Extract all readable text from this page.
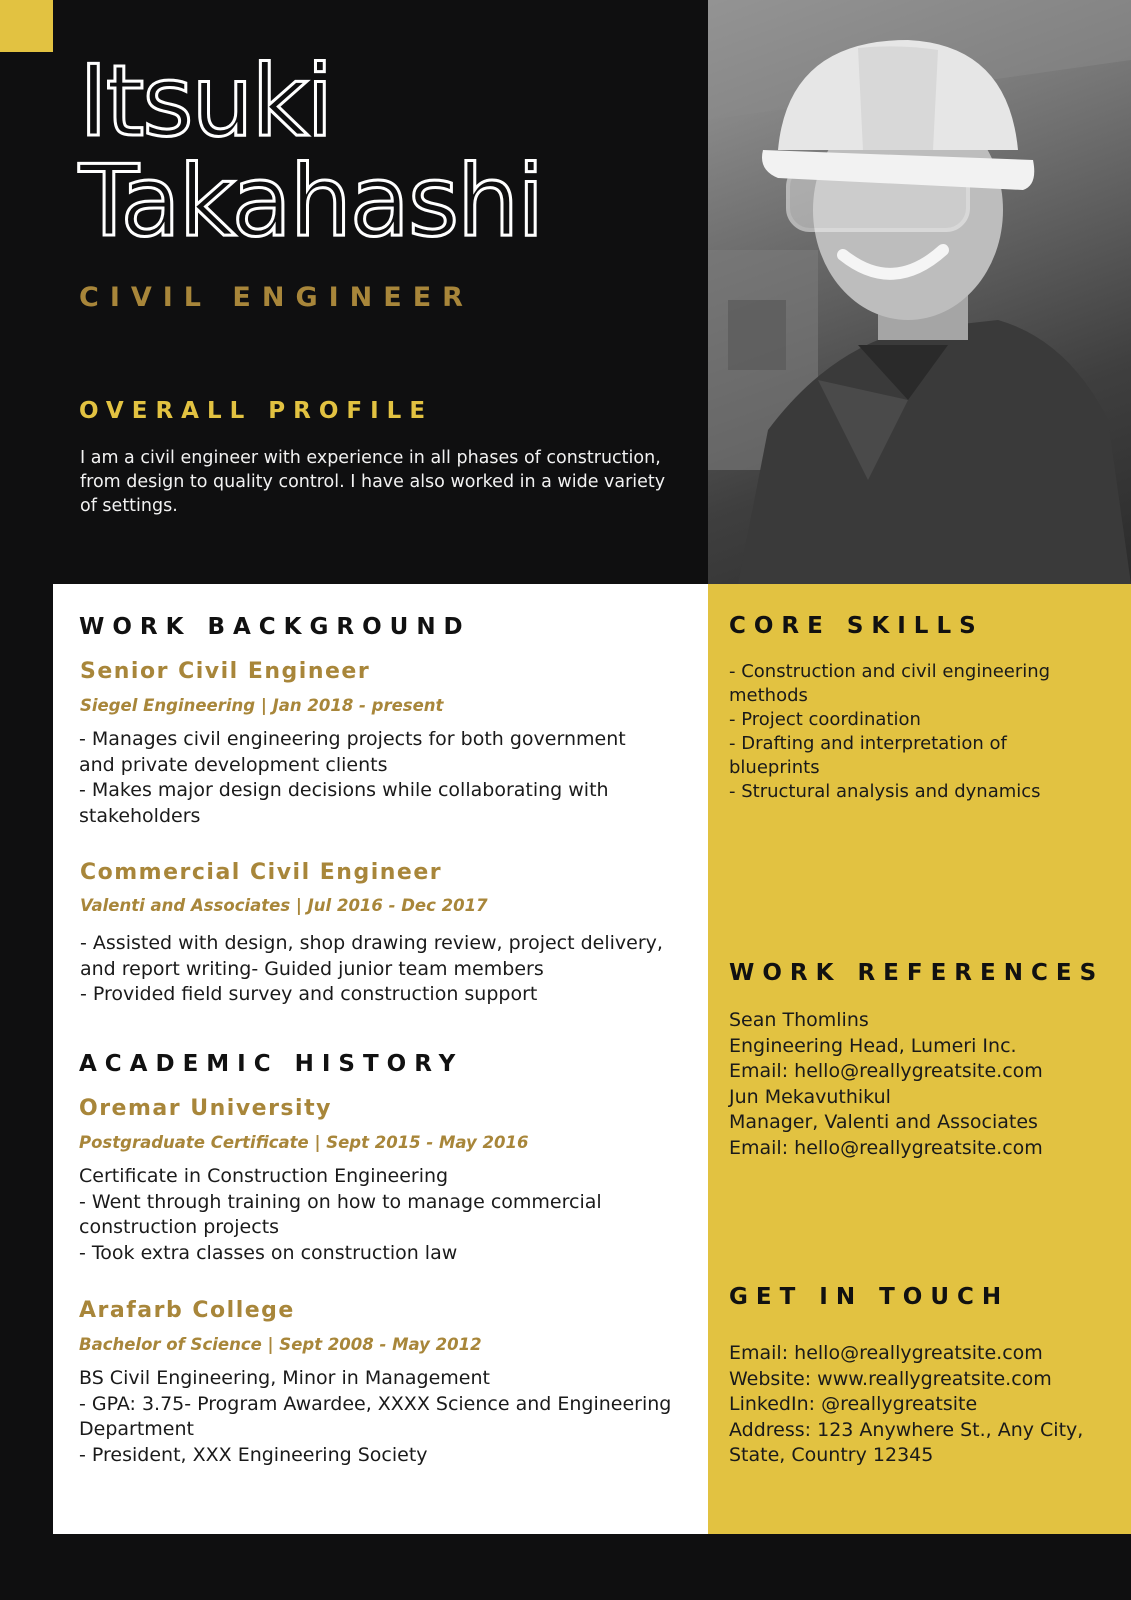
Itsuki
Takahashi

CIVIL ENGINEER

OVERALL PROFILE

I am a civil engineer with experience in all phases of construction,
from design to quality control. I have also worked in a wide variety
of settings.

WORK BACKGROUND

Senior Civil Engineer

Siegel Engineering | Jan 2018 - present

- Manages civil engineering projects for both government
and private development clients
- Makes major design decisions while collaborating with
stakeholders

Commercial Civil Engineer

Valenti and Associates | Jul 2016 - Dec 2017

- Assisted with design, shop drawing review, project delivery,
and report writing- Guided junior team members
- Provided field survey and construction support

ACADEMIC HISTORY

Oremar University

Postgraduate Certificate | Sept 2015 - May 2016

Certificate in Construction Engineering
- Went through training on how to manage commercial
construction projects
- Took extra classes on construction law

Arafarb College

Bachelor of Science | Sept 2008 - May 2012

BS Civil Engineering, Minor in Management
- GPA: 3.75- Program Awardee, XXXX Science and Engineering
Department
- President, XXX Engineering Society

CORE SKILLS

- Construction and civil engineering
methods
- Project coordination
- Drafting and interpretation of
blueprints
- Structural analysis and dynamics

WORK REFERENCES

Sean Thomlins
Engineering Head, Lumeri Inc.
Email: hello@reallygreatsite.com
Jun Mekavuthikul
Manager, Valenti and Associates
Email: hello@reallygreatsite.com

GET IN TOUCH

Email: hello@reallygreatsite.com
Website: www.reallygreatsite.com
LinkedIn: @reallygreatsite
Address: 123 Anywhere St., Any City,
State, Country 12345
